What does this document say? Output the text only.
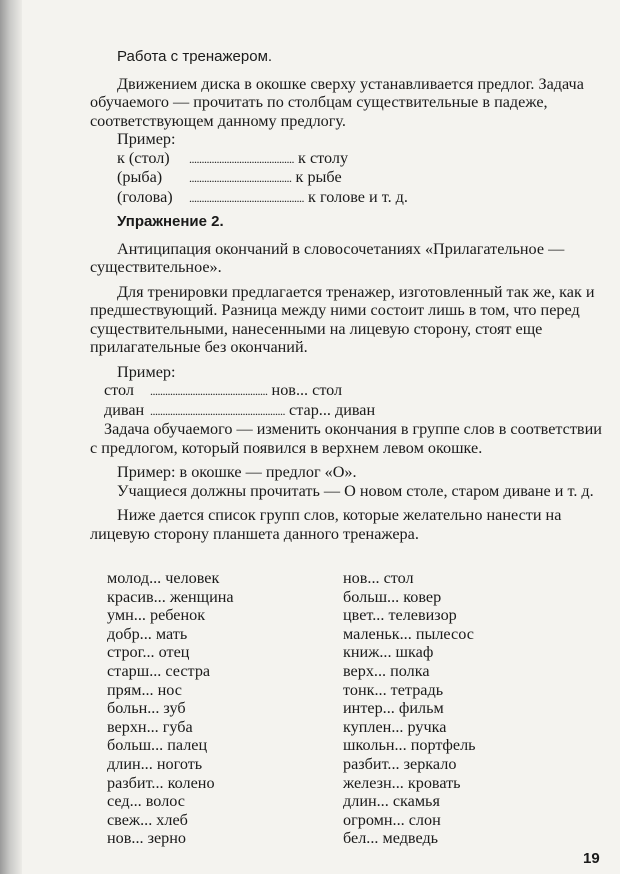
Работа с тренажером.

Движением диска в окошке сверху устанавливается предлог. Задача обучаемого — прочитать по столбцам существительные в падеже, соответствующем данному предлогу.

Пример:

к (стол) .......................................... к столу

(рыба) ......................................... к рыбе

(голова) .............................................. к голове и т. д.

Упражнение 2.

Антиципация окончаний в словосочетаниях «Прилагательное — существительное».

Для тренировки предлагается тренажер, изготовленный так же, как и предшествующий. Разница между ними состоит лишь в том, что перед существительными, нанесенными на лицевую сторону, стоят еще прилагательные без окончаний.

Пример:

стол ............................................... нов... стол

диван ...................................................... стар... диван

Задача обучаемого — изменить окончания в группе слов в соответствии с предлогом, который появился в верхнем левом окошке.

Пример: в окошке — предлог «О».

Учащиеся должны прочитать — О новом столе, старом диване и т. д.

Ниже дается список групп слов, которые желательно нанести на лицевую сторону планшета данного тренажера.

молод... человек
красив... женщина
умн... ребенок
добр... мать
строг... отец
старш... сестра
прям... нос
больн... зуб
верхн... губа
больш... палец
длин... ноготь
разбит... колено
сед... волос
свеж... хлеб
нов... зерно
нов... стол
больш... ковер
цвет... телевизор
маленьк... пылесос
книж... шкаф
верх... полка
тонк... тетрадь
интер... фильм
куплен... ручка
школьн... портфель
разбит... зеркало
железн... кровать
длин... скамья
огромн... слон
бел... медведь
19
